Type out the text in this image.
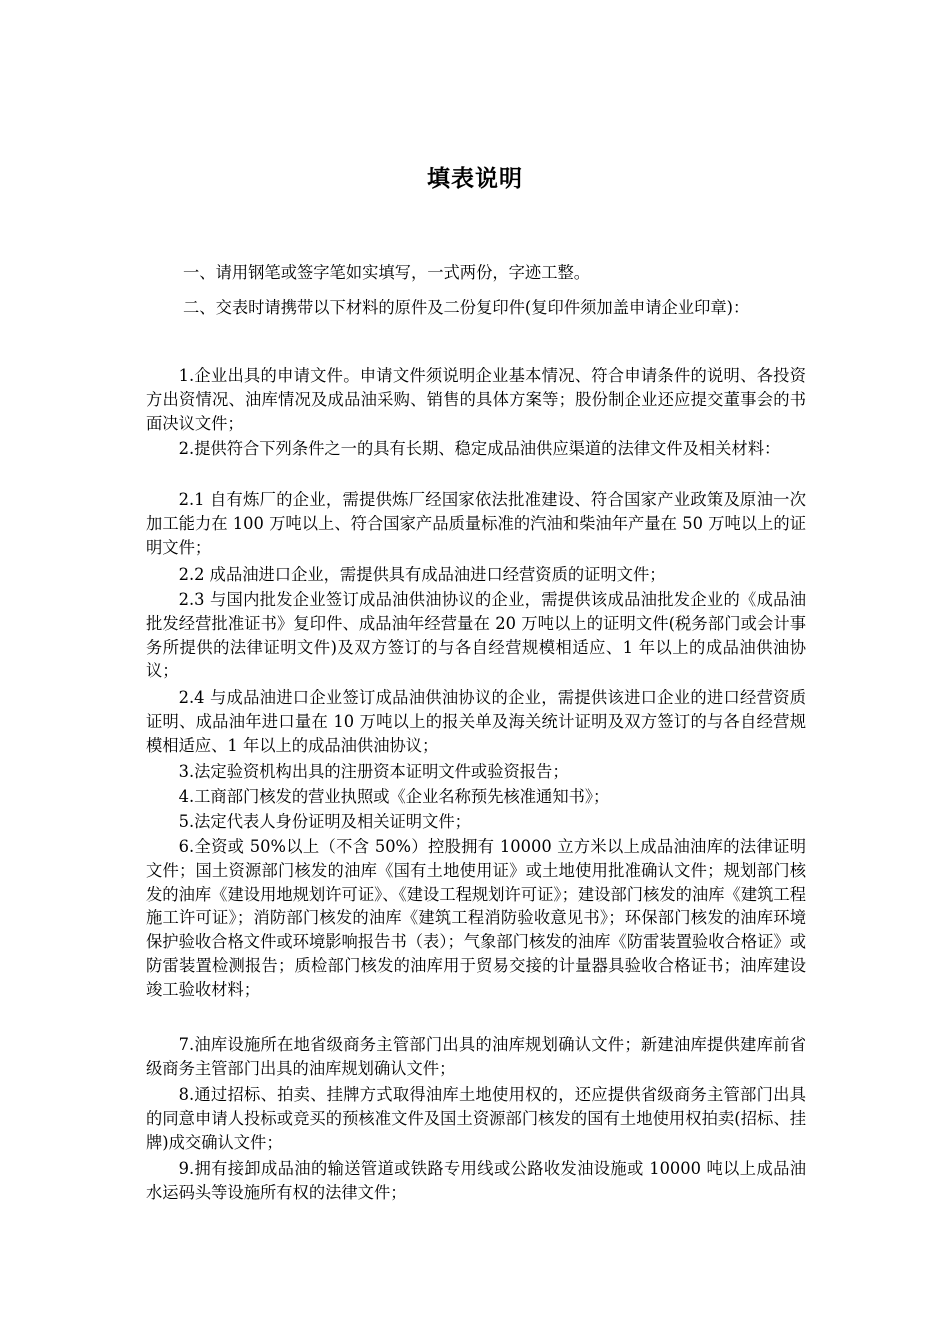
填表说明

一、请用钢笔或签字笔如实填写，一式两份，字迹工整。

二、交表时请携带以下材料的原件及二份复印件(复印件须加盖申请企业印章)：

1.企业出具的申请文件。申请文件须说明企业基本情况、符合申请条件的说明、各投资方出资情况、油库情况及成品油采购、销售的具体方案等；股份制企业还应提交董事会的书面决议文件；

2.提供符合下列条件之一的具有长期、稳定成品油供应渠道的法律文件及相关材料：

2.1 自有炼厂的企业，需提供炼厂经国家依法批准建设、符合国家产业政策及原油一次加工能力在 100 万吨以上、符合国家产品质量标准的汽油和柴油年产量在 50 万吨以上的证明文件；

2.2 成品油进口企业，需提供具有成品油进口经营资质的证明文件；

2.3 与国内批发企业签订成品油供油协议的企业，需提供该成品油批发企业的《成品油批发经营批准证书》复印件、成品油年经营量在 20 万吨以上的证明文件(税务部门或会计事务所提供的法律证明文件)及双方签订的与各自经营规模相适应、1 年以上的成品油供油协议；

2.4 与成品油进口企业签订成品油供油协议的企业，需提供该进口企业的进口经营资质证明、成品油年进口量在 10 万吨以上的报关单及海关统计证明及双方签订的与各自经营规模相适应、1 年以上的成品油供油协议；

3.法定验资机构出具的注册资本证明文件或验资报告；

4.工商部门核发的营业执照或《企业名称预先核准通知书》；

5.法定代表人身份证明及相关证明文件；

6.全资或 50%以上（不含 50%）控股拥有 10000 立方米以上成品油油库的法律证明文件；国土资源部门核发的油库《国有土地使用证》或土地使用批准确认文件；规划部门核发的油库《建设用地规划许可证》、《建设工程规划许可证》；建设部门核发的油库《建筑工程施工许可证》；消防部门核发的油库《建筑工程消防验收意见书》；环保部门核发的油库环境保护验收合格文件或环境影响报告书（表）；气象部门核发的油库《防雷装置验收合格证》或防雷装置检测报告；质检部门核发的油库用于贸易交接的计量器具验收合格证书；油库建设竣工验收材料；

7.油库设施所在地省级商务主管部门出具的油库规划确认文件；新建油库提供建库前省级商务主管部门出具的油库规划确认文件；

8.通过招标、拍卖、挂牌方式取得油库土地使用权的，还应提供省级商务主管部门出具的同意申请人投标或竞买的预核准文件及国土资源部门核发的国有土地使用权拍卖(招标、挂牌)成交确认文件；

9.拥有接卸成品油的输送管道或铁路专用线或公路收发油设施或 10000 吨以上成品油水运码头等设施所有权的法律文件；
